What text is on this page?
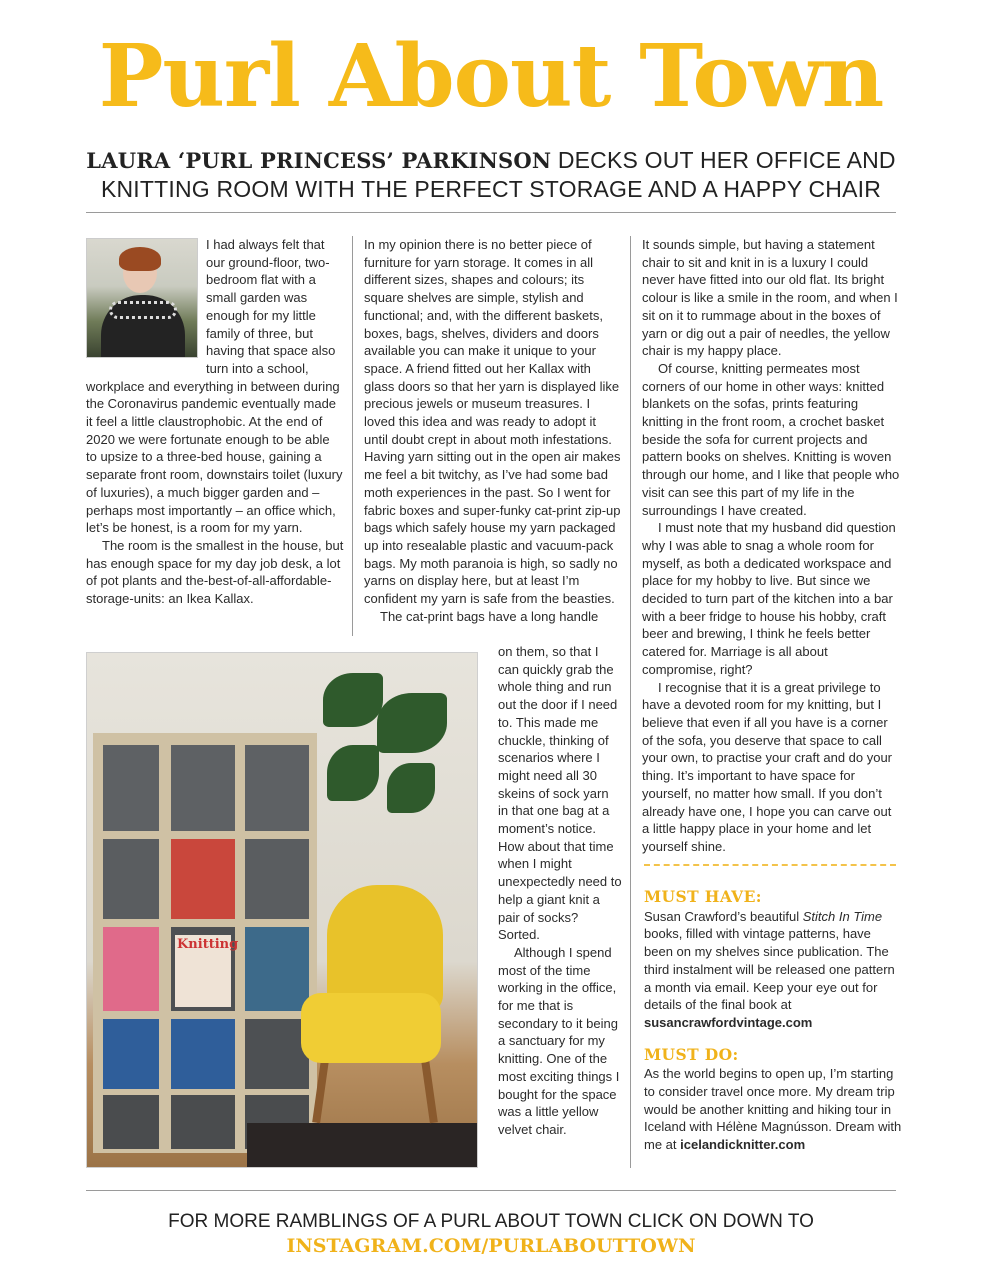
Purl About Town
LAURA ‘PURL PRINCESS’ PARKINSON DECKS OUT HER OFFICE AND KNITTING ROOM WITH THE PERFECT STORAGE AND A HAPPY CHAIR

I had always felt that our ground-floor, two-bedroom flat with a small garden was enough for my little family of three, but having that space also turn into a school, workplace and everything in between during the Coronavirus pandemic eventually made it feel a little claustrophobic. At the end of 2020 we were fortunate enough to be able to upsize to a three-bed house, gaining a separate front room, downstairs toilet (luxury of luxuries), a much bigger garden and – perhaps most importantly – an office which, let’s be honest, is a room for my yarn.

The room is the smallest in the house, but has enough space for my day job desk, a lot of pot plants and the-best-of-all-affordable-storage-units: an Ikea Kallax.

In my opinion there is no better piece of furniture for yarn storage. It comes in all different sizes, shapes and colours; its square shelves are simple, stylish and functional; and, with the different baskets, boxes, bags, shelves, dividers and doors available you can make it unique to your space. A friend fitted out her Kallax with glass doors so that her yarn is displayed like precious jewels or museum treasures. I loved this idea and was ready to adopt it until doubt crept in about moth infestations. Having yarn sitting out in the open air makes me feel a bit twitchy, as I’ve had some bad moth experiences in the past. So I went for fabric boxes and super-funky cat-print zip-up bags which safely house my yarn packaged up into resealable plastic and vacuum-pack bags. My moth paranoia is high, so sadly no yarns on display here, but at least I’m confident my yarn is safe from the beasties.

The cat-print bags have a long handle

on them, so that I can quickly grab the whole thing and run out the door if I need to. This made me chuckle, thinking of scenarios where I might need all 30 skeins of sock yarn in that one bag at a moment’s notice. How about that time when I might unexpectedly need to help a giant knit a pair of socks? Sorted.

Although I spend most of the time working in the office, for me that is secondary to it being a sanctuary for my knitting. One of the most exciting things I bought for the space was a little yellow velvet chair.

It sounds simple, but having a statement chair to sit and knit in is a luxury I could never have fitted into our old flat. Its bright colour is like a smile in the room, and when I sit on it to rummage about in the boxes of yarn or dig out a pair of needles, the yellow chair is my happy place.

Of course, knitting permeates most corners of our home in other ways: knitted blankets on the sofas, prints featuring knitting in the front room, a crochet basket beside the sofa for current projects and pattern books on shelves. Knitting is woven through our home, and I like that people who visit can see this part of my life in the surroundings I have created.

I must note that my husband did question why I was able to snag a whole room for myself, as both a dedicated workspace and place for my hobby to live. But since we decided to turn part of the kitchen into a bar with a beer fridge to house his hobby, craft beer and brewing, I think he feels better catered for. Marriage is all about compromise, right?

I recognise that it is a great privilege to have a devoted room for my knitting, but I believe that even if all you have is a corner of the sofa, you deserve that space to call your own, to practise your craft and do your thing. It’s important to have space for yourself, no matter how small. If you don’t already have one, I hope you can carve out a little happy place in your home and let yourself shine.

Knitting
MUST HAVE:

Susan Crawford’s beautiful Stitch In Time books, filled with vintage patterns, have been on my shelves since publication. The third instalment will be released one pattern a month via email. Keep your eye out for details of the final book at susancrawfordvintage.com

MUST DO:

As the world begins to open up, I’m starting to consider travel once more. My dream trip would be another knitting and hiking tour in Iceland with Hélène Magnússon. Dream with me at icelandicknitter.com

FOR MORE RAMBLINGS OF A PURL ABOUT TOWN CLICK ON DOWN TO
INSTAGRAM.COM/PURLABOUTTOWN
